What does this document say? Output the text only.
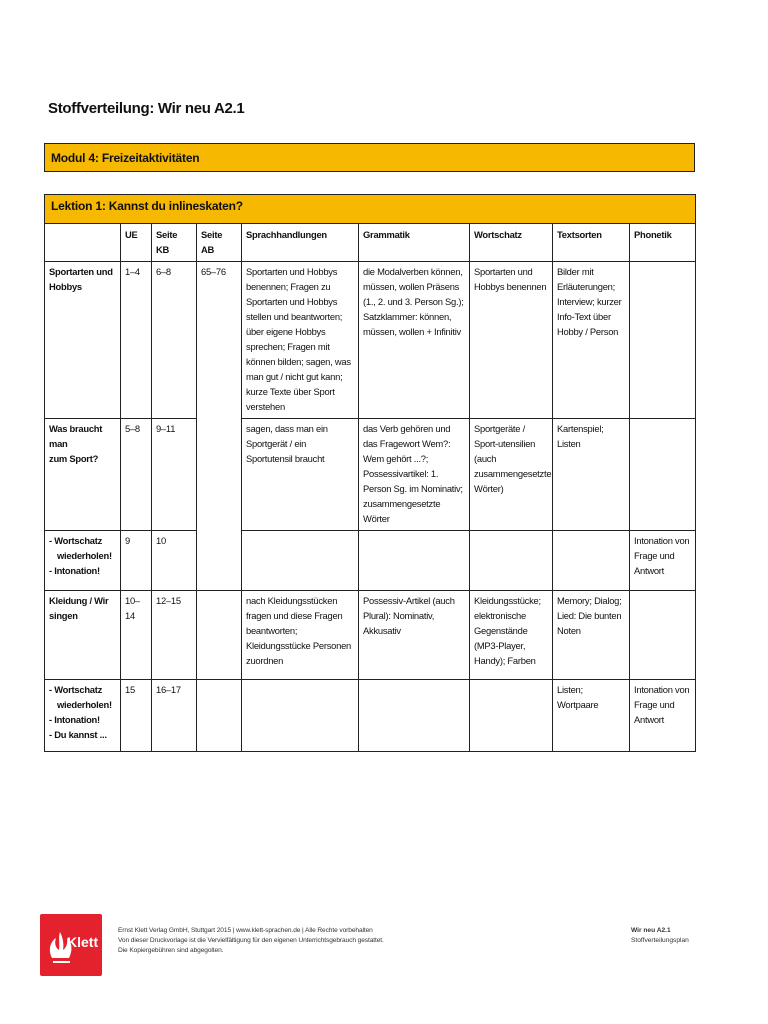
Stoffverteilung: Wir neu A2.1
Modul 4: Freizeitaktivitäten
Lektion 1: Kannst du inlineskaten?								
	UE	Seite KB	Seite AB	Sprachhandlungen	Grammatik	Wortschatz	Textsorten	Phonetik

Sportarten und
Hobbys	1–4	6–8	65–76	Sportarten und Hobbys benennen; Fragen zu Sportarten und Hobbys stellen und beantworten; über eigene Hobbys sprechen; Fragen mit können bilden; sagen, was man gut / nicht gut kann; kurze Texte über Sport verstehen	die Modalverben können, müssen, wollen Präsens (1., 2. und 3. Person Sg.); Satzklammer: können, müssen, wollen + Infinitiv	Sportarten und Hobbys benennen	Bilder mit Erläuterungen; Interview; kurzer Info-Text über Hobby / Person	

Was braucht man
zum Sport?	5–8	9–11		sagen, dass man ein Sportgerät / ein Sportutensil braucht	das Verb gehören und das Fragewort Wem?: Wem gehört ...?; Possessivartikel: 1. Person Sg. im Nominativ; zusammengesetzte Wörter	Sportgeräte / Sport-utensilien (auch zusammengesetzte Wörter)	Kartenspiel; Listen	

- Wortschatz
wiederholen!
- Intonation!	9	10						Intonation von Frage und Antwort

Kleidung / Wir
singen	10–14	12–15		nach Kleidungsstücken fragen und diese Fragen beantworten; Kleidungsstücke Personen zuordnen	Possessiv-Artikel (auch Plural): Nominativ, Akkusativ	Kleidungsstücke; elektronische Gegenstände (MP3-Player, Handy); Farben	Memory; Dialog; Lied: Die bunten Noten	

- Wortschatz
wiederholen!
- Intonation!
- Du kannst ...	15	16–17					Listen; Wortpaare	Intonation von Frage und Antwort
Klett
Ernst Klett Verlag GmbH, Stuttgart 2015 | www.klett-sprachen.de | Alle Rechte vorbehalten
Von dieser Druckvorlage ist die Vervielfältigung für den eigenen Unterrichtsgebrauch gestattet.
Die Kopiergebühren sind abgegolten.
Wir neu A2.1
Stoffverteilungsplan
